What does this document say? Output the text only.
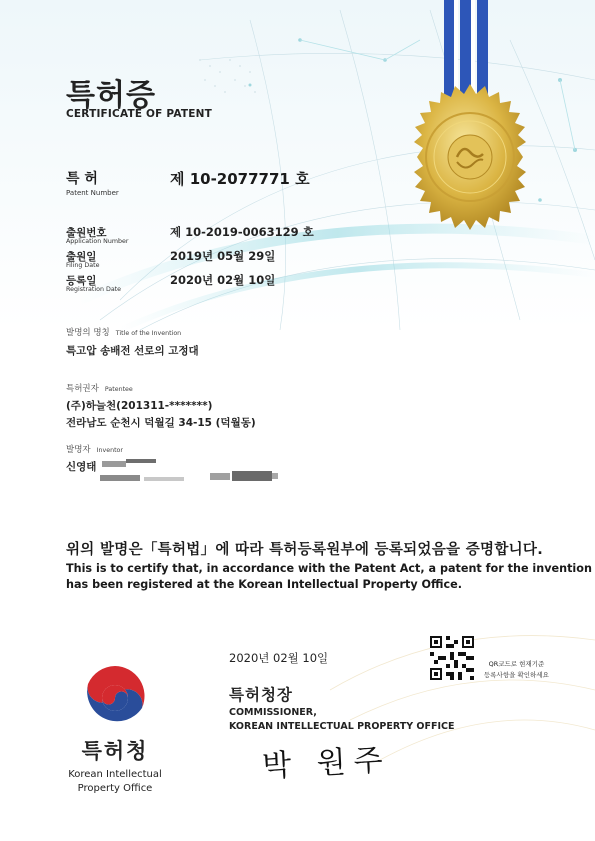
특허증
CERTIFICATE OF PATENT
특 허
Patent Number
제 10-2077771 호
출원번호
Application Number
제 10-2019-0063129 호
출원일
Filing Date
2019년 05월 29일
등록일
Registration Date
2020년 02월 10일
발명의 명칭 Title of the Invention
특고압 송배전 선로의 고정대
특허권자 Patentee
(주)하늘천(201311-*******)
전라남도 순천시 덕월길 34-15 (덕월동)
발명자 Inventor
신영태
위의 발명은「특허법」에 따라 특허등록원부에 등록되었음을 증명합니다.
This is to certify that, in accordance with the Patent Act, a patent for the invention
has been registered at the Korean Intellectual Property Office.
2020년 02월 10일	QR코드로 현재기준
등록사항을 확인하세요
특허청장
COMMISSIONER,
KOREAN INTELLECTUAL PROPERTY OFFICE
박 원주
특허청
Korean Intellectual
Property Office
